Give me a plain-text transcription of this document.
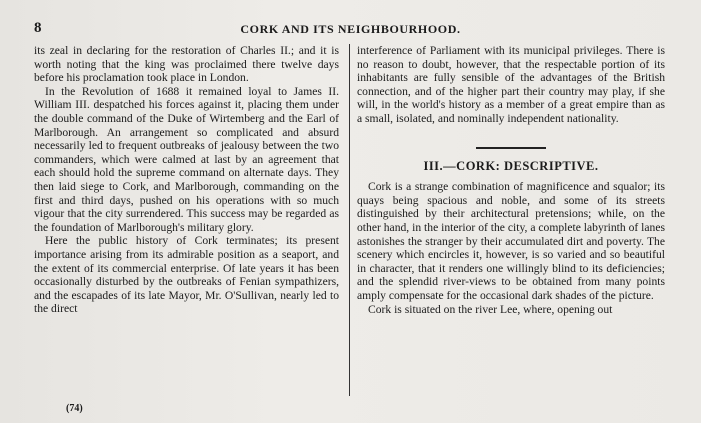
8	CORK AND ITS NEIGHBOURHOOD.

its zeal in declaring for the restoration of Charles II.; and it is worth noting that the king was proclaimed there twelve days before his proclamation took place in London.

In the Revolution of 1688 it remained loyal to James II. William III. despatched his forces against it, placing them under the double command of the Duke of Wirtemberg and the Earl of Marlborough. An arrangement so complicated and absurd necessarily led to frequent outbreaks of jealousy between the two commanders, which were calmed at last by an agreement that each should hold the supreme command on alternate days. They then laid siege to Cork, and Marlborough, commanding on the first and third days, pushed on his operations with so much vigour that the city surrendered. This success may be regarded as the foundation of Marlborough's military glory.

Here the public history of Cork terminates; its present importance arising from its admirable position as a seaport, and the extent of its commercial enterprise. Of late years it has been occasionally disturbed by the outbreaks of Fenian sympathizers, and the escapades of its late Mayor, Mr. O'Sullivan, nearly led to the direct

interference of Parliament with its municipal privileges. There is no reason to doubt, however, that the respectable portion of its inhabitants are fully sensible of the advantages of the British connection, and of the higher part their country may play, if she will, in the world's history as a member of a great empire than as a small, isolated, and nominally independent nationality.

III.—CORK: DESCRIPTIVE.

Cork is a strange combination of magnificence and squalor; its quays being spacious and noble, and some of its streets distinguished by their architectural pretensions; while, on the other hand, in the interior of the city, a complete labyrinth of lanes astonishes the stranger by their accumulated dirt and poverty. The scenery which encircles it, however, is so varied and so beautiful in character, that it renders one willingly blind to its deficiencies; and the splendid river-views to be obtained from many points amply compensate for the occasional dark shades of the picture.

Cork is situated on the river Lee, where, opening out

(74)
